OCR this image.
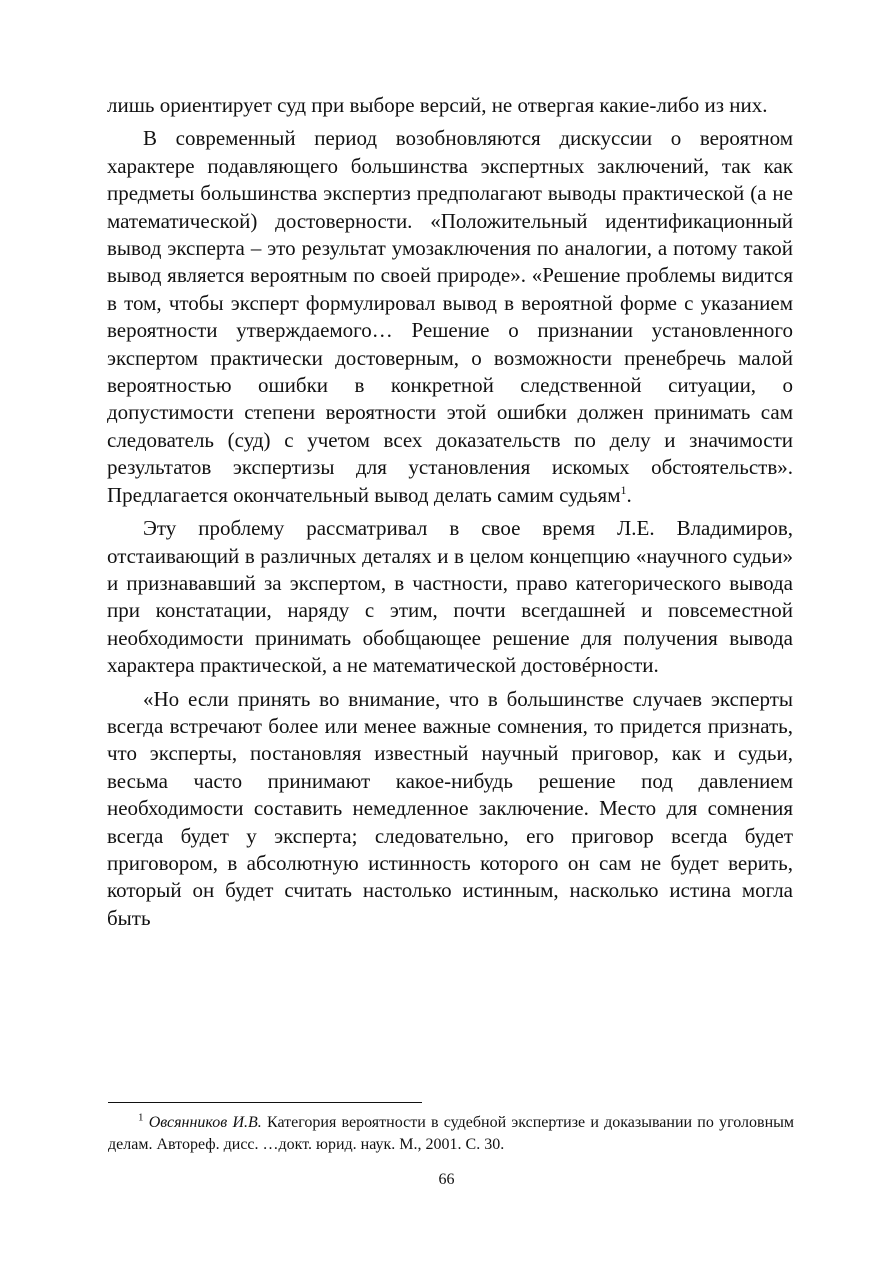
лишь ориентирует суд при выборе версий, не отвергая какие-либо из них.

В современный период возобновляются дискуссии о вероятном характере подавляющего большинства экспертных заключений, так как предметы большинства экспертиз предполагают выводы практической (а не математической) достоверности. «Положительный идентификационный вывод эксперта – это результат умозаключения по аналогии, а потому такой вывод является вероятным по своей природе». «Решение проблемы видится в том, чтобы эксперт формулировал вывод в вероятной форме с указанием вероятности утверждаемого… Решение о признании установленного экспертом практически достоверным, о возможности пренебречь малой вероятностью ошибки в конкретной следственной ситуации, о допустимости степени вероятности этой ошибки должен принимать сам следователь (суд) с учетом всех доказательств по делу и значимости результатов экспертизы для установления искомых обстоятельств». Предлагается окончательный вывод делать самим судьям$^1$.

Эту проблему рассматривал в свое время Л.Е. Владимиров, отстаивающий в различных деталях и в целом концепцию «научного судьи» и признававший за экспертом, в частности, право категорического вывода при констатации, наряду с этим, почти всегдашней и повсеместной необходимости принимать обобщающее решение для получения вывода характера практической, а не математической достовéрности.

«Но если принять во внимание, что в большинстве случаев эксперты всегда встречают более или менее важные сомнения, то придется признать, что эксперты, постановляя известный научный приговор, как и судьи, весьма часто принимают какое-нибудь решение под давлением необходимости составить немедленное заключение. Место для сомнения всегда будет у эксперта; следовательно, его приговор всегда будет приговором, в абсолютную истинность которого он сам не будет верить, который он будет считать настолько истинным, насколько истина могла быть

$^1$ Овсянников И.В. Категория вероятности в судебной экспертизе и доказывании по уголовным делам. Автореф. дисс. …докт. юрид. наук. М., 2001. С. 30.

66
